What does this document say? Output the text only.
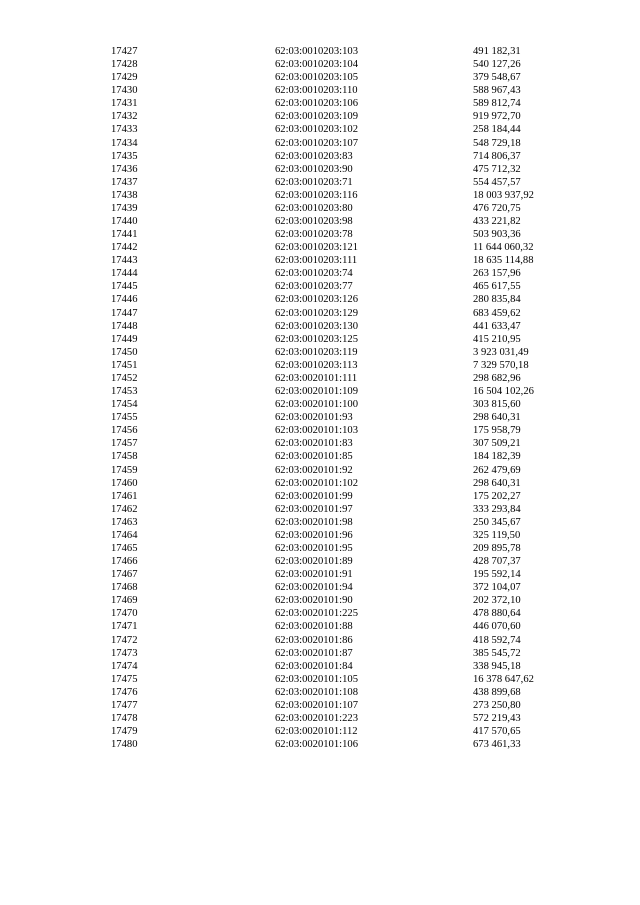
17427	62:03:0010203:103	491 182,31
17428	62:03:0010203:104	540 127,26
17429	62:03:0010203:105	379 548,67
17430	62:03:0010203:110	588 967,43
17431	62:03:0010203:106	589 812,74
17432	62:03:0010203:109	919 972,70
17433	62:03:0010203:102	258 184,44
17434	62:03:0010203:107	548 729,18
17435	62:03:0010203:83	714 806,37
17436	62:03:0010203:90	475 712,32
17437	62:03:0010203:71	554 457,57
17438	62:03:0010203:116	18 003 937,92
17439	62:03:0010203:80	476 720,75
17440	62:03:0010203:98	433 221,82
17441	62:03:0010203:78	503 903,36
17442	62:03:0010203:121	11 644 060,32
17443	62:03:0010203:111	18 635 114,88
17444	62:03:0010203:74	263 157,96
17445	62:03:0010203:77	465 617,55
17446	62:03:0010203:126	280 835,84
17447	62:03:0010203:129	683 459,62
17448	62:03:0010203:130	441 633,47
17449	62:03:0010203:125	415 210,95
17450	62:03:0010203:119	3 923 031,49
17451	62:03:0010203:113	7 329 570,18
17452	62:03:0020101:111	298 682,96
17453	62:03:0020101:109	16 504 102,26
17454	62:03:0020101:100	303 815,60
17455	62:03:0020101:93	298 640,31
17456	62:03:0020101:103	175 958,79
17457	62:03:0020101:83	307 509,21
17458	62:03:0020101:85	184 182,39
17459	62:03:0020101:92	262 479,69
17460	62:03:0020101:102	298 640,31
17461	62:03:0020101:99	175 202,27
17462	62:03:0020101:97	333 293,84
17463	62:03:0020101:98	250 345,67
17464	62:03:0020101:96	325 119,50
17465	62:03:0020101:95	209 895,78
17466	62:03:0020101:89	428 707,37
17467	62:03:0020101:91	195 592,14
17468	62:03:0020101:94	372 104,07
17469	62:03:0020101:90	202 372,10
17470	62:03:0020101:225	478 880,64
17471	62:03:0020101:88	446 070,60
17472	62:03:0020101:86	418 592,74
17473	62:03:0020101:87	385 545,72
17474	62:03:0020101:84	338 945,18
17475	62:03:0020101:105	16 378 647,62
17476	62:03:0020101:108	438 899,68
17477	62:03:0020101:107	273 250,80
17478	62:03:0020101:223	572 219,43
17479	62:03:0020101:112	417 570,65
17480	62:03:0020101:106	673 461,33
